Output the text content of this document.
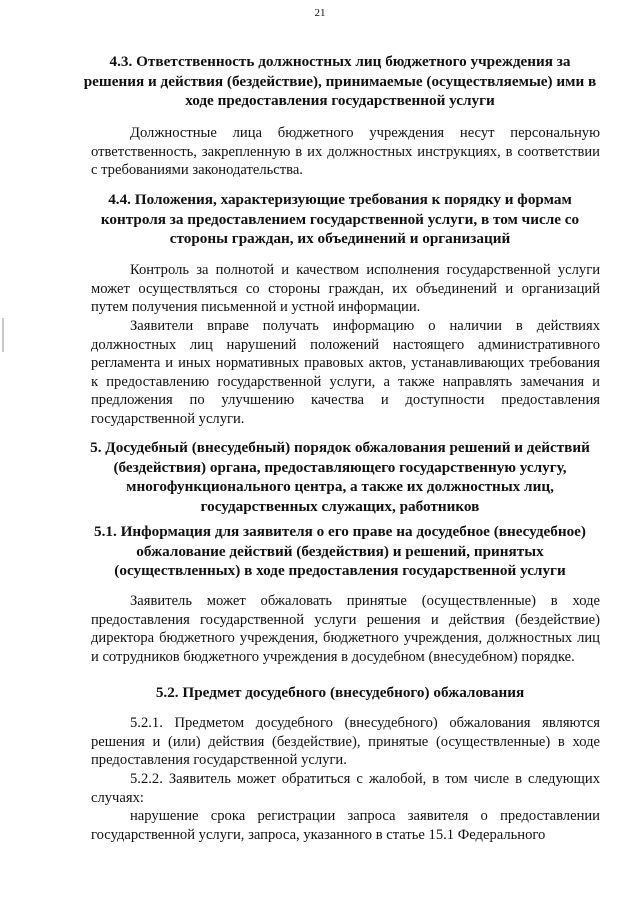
21
4.3. Ответственность должностных лиц бюджетного учреждения за решения и действия (бездействие), принимаемые (осуществляемые) ими в ходе предоставления государственной услуги
Должностные лица бюджетного учреждения несут персональную ответственность, закрепленную в их должностных инструкциях, в соответствии с требованиями законодательства.
4.4. Положения, характеризующие требования к порядку и формам контроля за предоставлением государственной услуги, в том числе со стороны граждан, их объединений и организаций
Контроль за полнотой и качеством исполнения государственной услуги может осуществляться со стороны граждан, их объединений и организаций путем получения письменной и устной информации.
Заявители вправе получать информацию о наличии в действиях должностных лиц нарушений положений настоящего административного регламента и иных нормативных правовых актов, устанавливающих требования к предоставлению государственной услуги, а также направлять замечания и предложения по улучшению качества и доступности предоставления государственной услуги.
5. Досудебный (внесудебный) порядок обжалования решений и действий (бездействия) органа, предоставляющего государственную услугу, многофункционального центра, а также их должностных лиц, государственных служащих, работников
5.1. Информация для заявителя о его праве на досудебное (внесудебное) обжалование действий (бездействия) и решений, принятых (осуществленных) в ходе предоставления государственной услуги
Заявитель может обжаловать принятые (осуществленные) в ходе предоставления государственной услуги решения и действия (бездействие) директора бюджетного учреждения, бюджетного учреждения, должностных лиц и сотрудников бюджетного учреждения в досудебном (внесудебном) порядке.
5.2. Предмет досудебного (внесудебного) обжалования
5.2.1. Предметом досудебного (внесудебного) обжалования являются решения и (или) действия (бездействие), принятые (осуществленные) в ходе предоставления государственной услуги.
5.2.2. Заявитель может обратиться с жалобой, в том числе в следующих случаях:
нарушение срока регистрации запроса заявителя о предоставлении государственной услуги, запроса, указанного в статье 15.1 Федерального
